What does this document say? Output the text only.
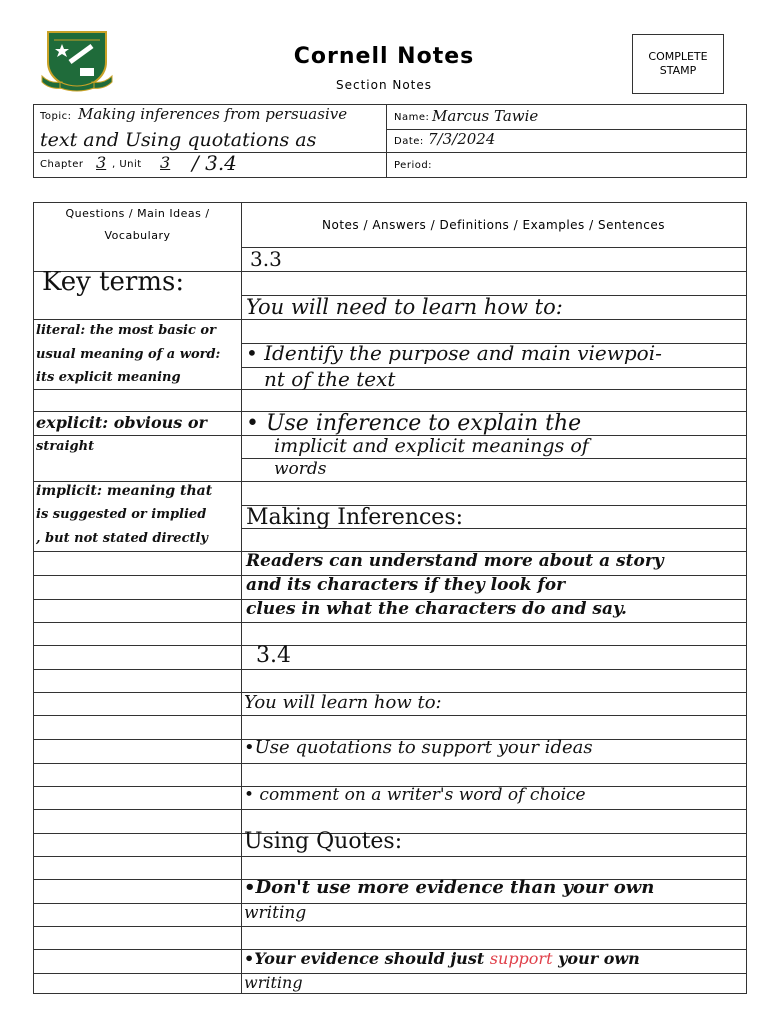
Cornell Notes
Section Notes
COMPLETE
STAMP
Topic: Making inferences from persuasive
text and Using quotations as
Chapter 3 , Unit 3 / 3.4
Name: Marcus Tawie
Date: 7/3/2024
Period:
Questions / Main Ideas / Vocabulary
Notes / Answers / Definitions / Examples / Sentences
Key terms:
literal: the most basic or
usual meaning of a word:
its explicit meaning
explicit: obvious or
straight
implicit: meaning that
is suggested or implied
, but not stated directly
3.3
You will need to learn how to:
• Identify the purpose and main viewpoi-
nt of the text
• Use inference to explain the
implicit and explicit meanings of
words
Making Inferences:
Readers can understand more about a story
and its characters if they look for
clues in what the characters do and say.
3.4
You will learn how to:
•Use quotations to support your ideas
• comment on a writer's word of choice
Using Quotes:
•Don't use more evidence than your own
writing
•Your evidence should just support your own
writing
